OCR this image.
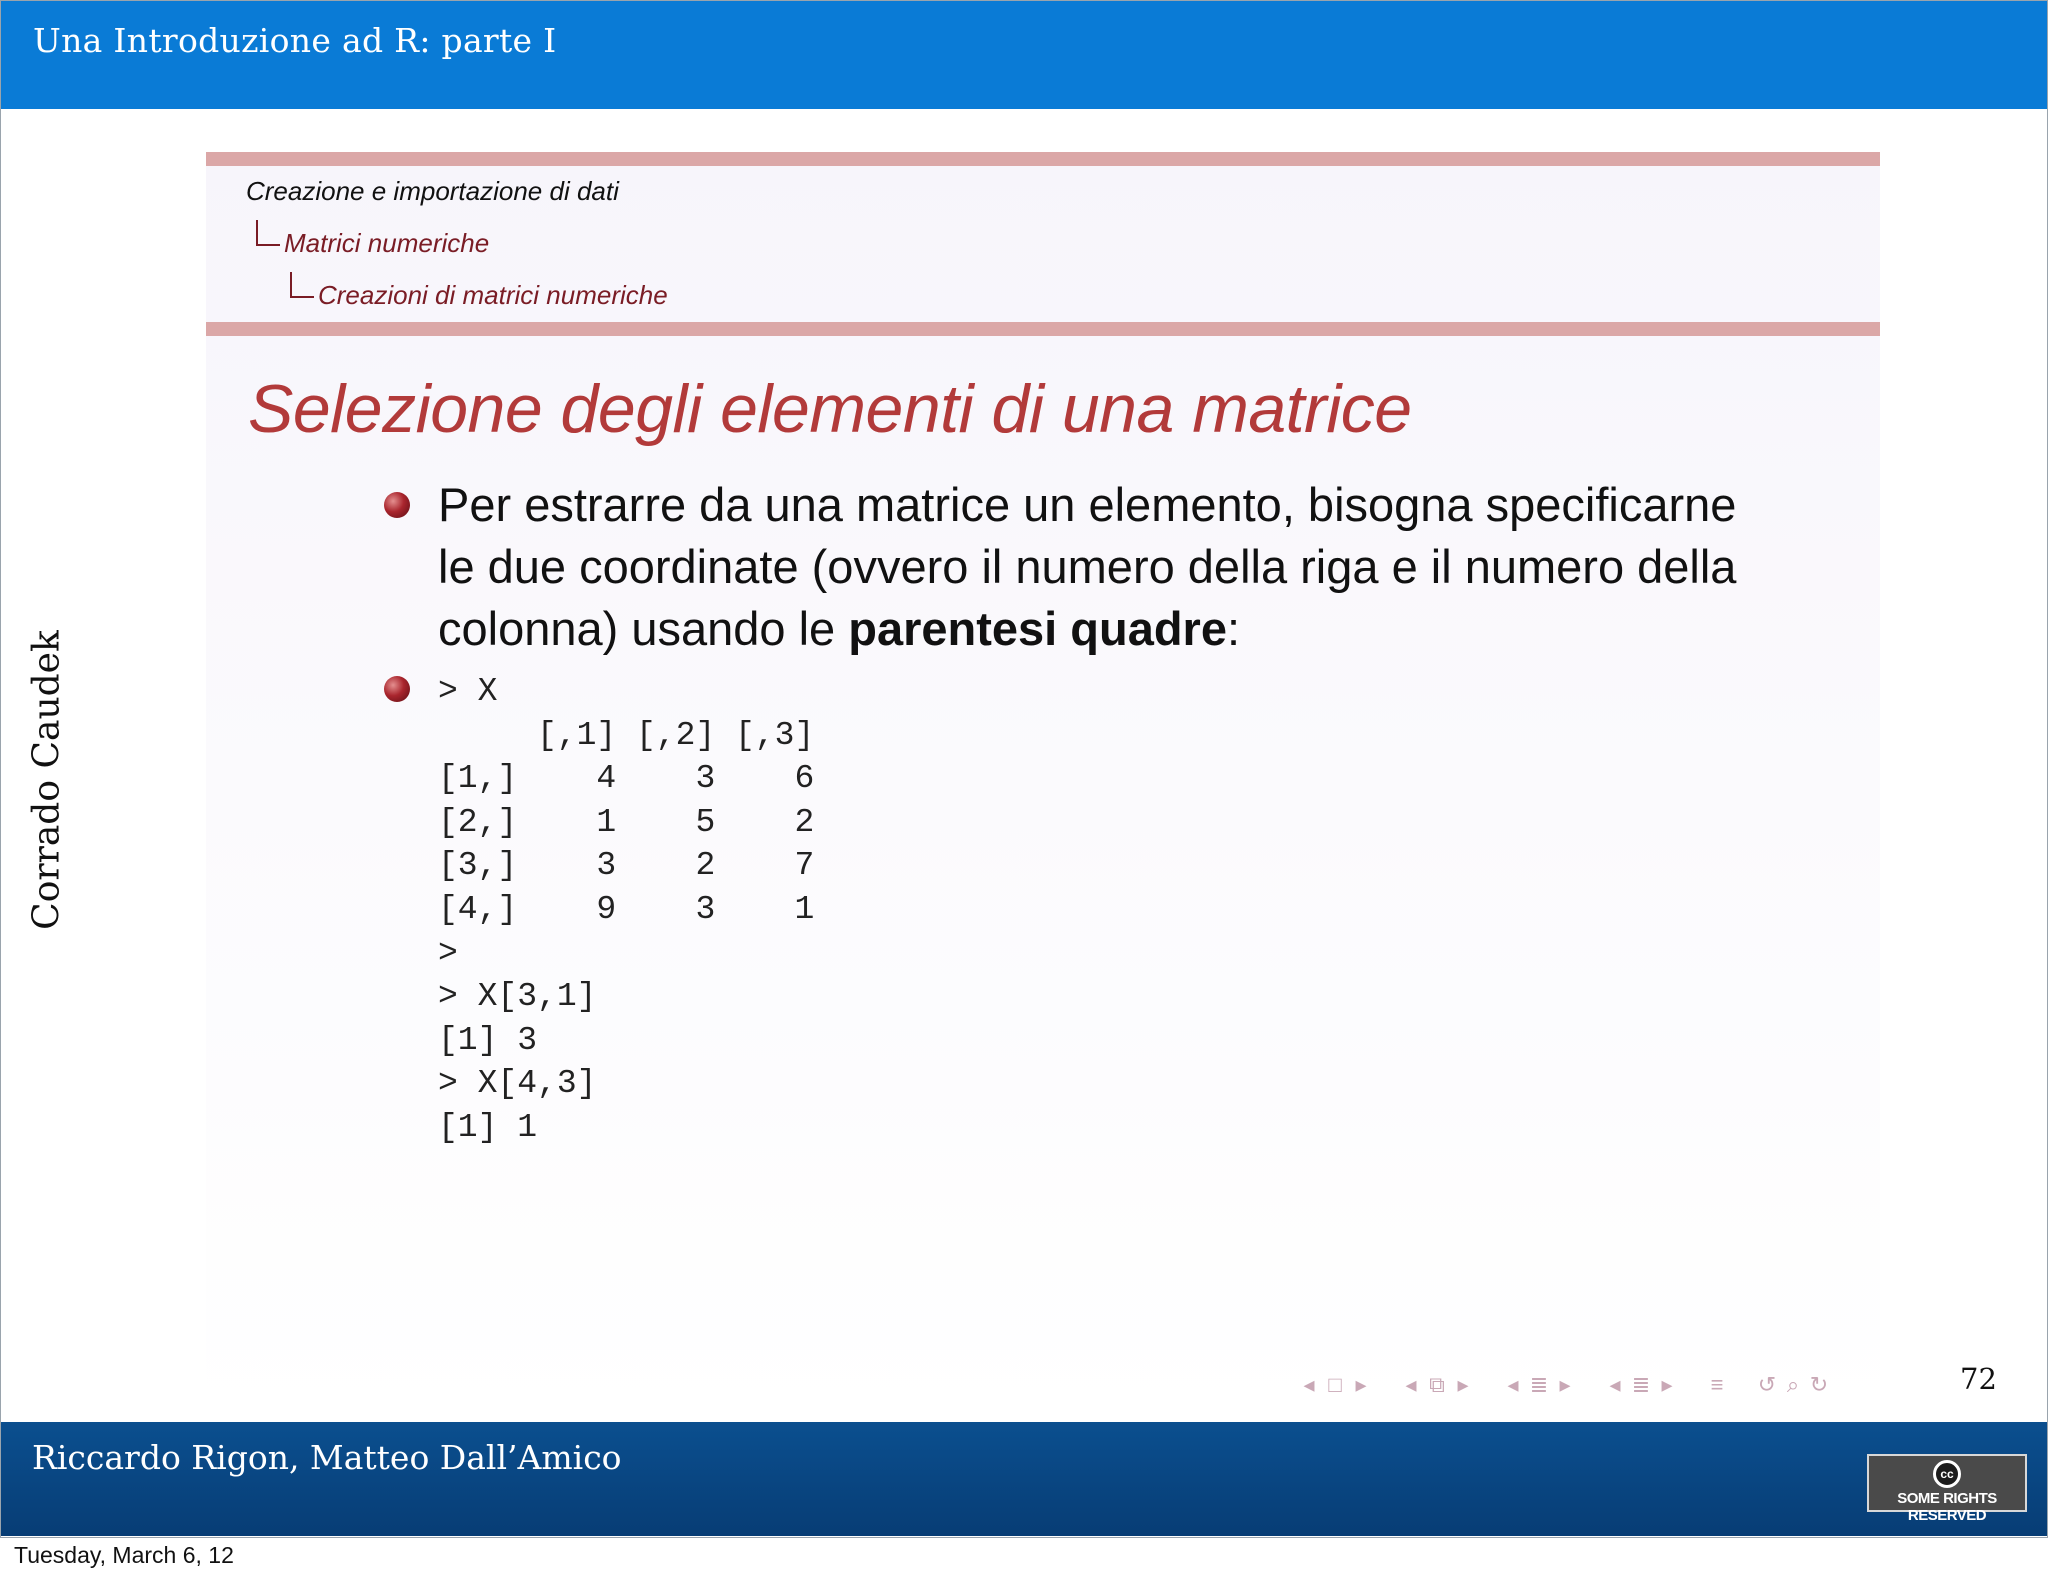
Una Introduzione ad R: parte I
Corrado Caudek
Creazione e importazione di dati
Matrici numeriche
Creazioni di matrici numeriche
Selezione degli elementi di una matrice
Per estrarre da una matrice un elemento, bisogna specificarne le due coordinate (ovvero il numero della riga e il numero della colonna) usando le parentesi quadre:
> X
[,1] [,2] [,3]
[1,]    4    3    6
[2,]    1    5    2
[3,]    3    2    7
[4,]    9    3    1
>
> X[3,1]
[1] 3
> X[4,3]
[1] 1
◂ □ ▸	◂ ⧉ ▸	◂ ≣ ▸	◂ ≣ ▸	≡ ↺ ⌕ ↻	72
Riccardo Rigon, Matteo Dall’Amico	cc
SOME RIGHTS RESERVED
Tuesday, March 6, 12
